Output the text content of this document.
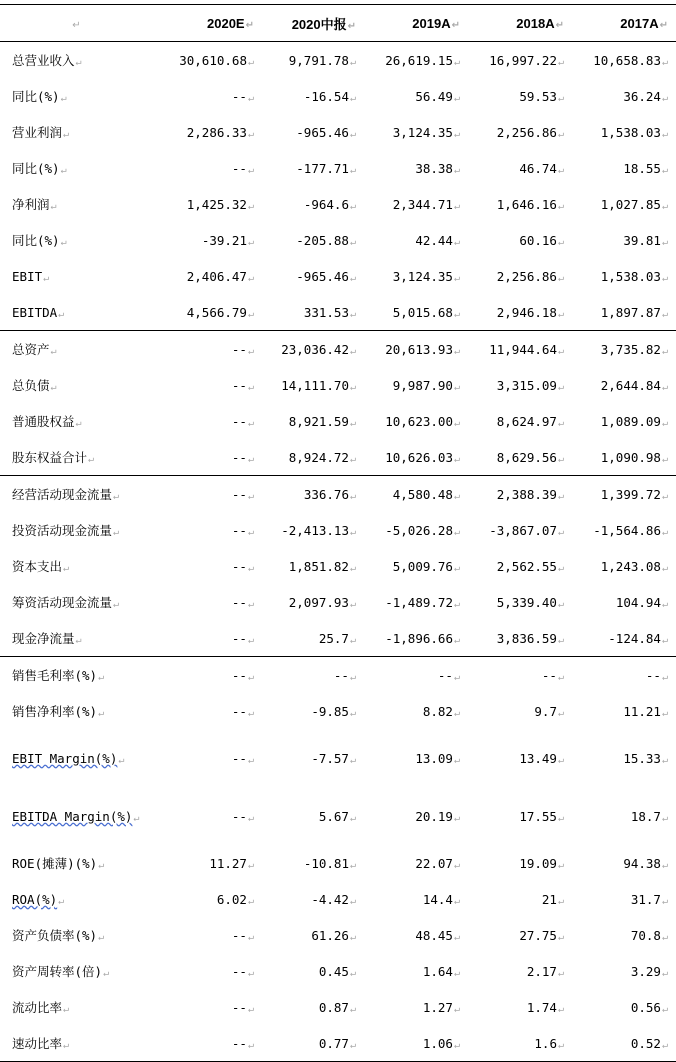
↵	2020E↵	2020中报↵	2019A↵	2018A↵	2017A↵
总营业收入↵	30,610.68↵	9,791.78↵	26,619.15↵	16,997.22↵	10,658.83↵
同比(%)↵	--↵	-16.54↵	56.49↵	59.53↵	36.24↵
营业利润↵	2,286.33↵	-965.46↵	3,124.35↵	2,256.86↵	1,538.03↵
同比(%)↵	--↵	-177.71↵	38.38↵	46.74↵	18.55↵
净利润↵	1,425.32↵	-964.6↵	2,344.71↵	1,646.16↵	1,027.85↵
同比(%)↵	-39.21↵	-205.88↵	42.44↵	60.16↵	39.81↵
EBIT↵	2,406.47↵	-965.46↵	3,124.35↵	2,256.86↵	1,538.03↵
EBITDA↵	4,566.79↵	331.53↵	5,015.68↵	2,946.18↵	1,897.87↵
总资产↵	--↵	23,036.42↵	20,613.93↵	11,944.64↵	3,735.82↵
总负债↵	--↵	14,111.70↵	9,987.90↵	3,315.09↵	2,644.84↵
普通股权益↵	--↵	8,921.59↵	10,623.00↵	8,624.97↵	1,089.09↵
股东权益合计↵	--↵	8,924.72↵	10,626.03↵	8,629.56↵	1,090.98↵
经营活动现金流量↵	--↵	336.76↵	4,580.48↵	2,388.39↵	1,399.72↵
投资活动现金流量↵	--↵	-2,413.13↵	-5,026.28↵	-3,867.07↵	-1,564.86↵
资本支出↵	--↵	1,851.82↵	5,009.76↵	2,562.55↵	1,243.08↵
筹资活动现金流量↵	--↵	2,097.93↵	-1,489.72↵	5,339.40↵	104.94↵
现金净流量↵	--↵	25.7↵	-1,896.66↵	3,836.59↵	-124.84↵
销售毛利率(%)↵	--↵	--↵	--↵	--↵	--↵
销售净利率(%)↵	--↵	-9.85↵	8.82↵	9.7↵	11.21↵
EBIT Margin(%)↵	--↵	-7.57↵	13.09↵	13.49↵	15.33↵
EBITDA Margin(%)↵	--↵	5.67↵	20.19↵	17.55↵	18.7↵
ROE(摊薄)(%)↵	11.27↵	-10.81↵	22.07↵	19.09↵	94.38↵
ROA(%)↵	6.02↵	-4.42↵	14.4↵	21↵	31.7↵
资产负债率(%)↵	--↵	61.26↵	48.45↵	27.75↵	70.8↵
资产周转率(倍)↵	--↵	0.45↵	1.64↵	2.17↵	3.29↵
流动比率↵	--↵	0.87↵	1.27↵	1.74↵	0.56↵
速动比率↵	--↵	0.77↵	1.06↵	1.6↵	0.52↵
